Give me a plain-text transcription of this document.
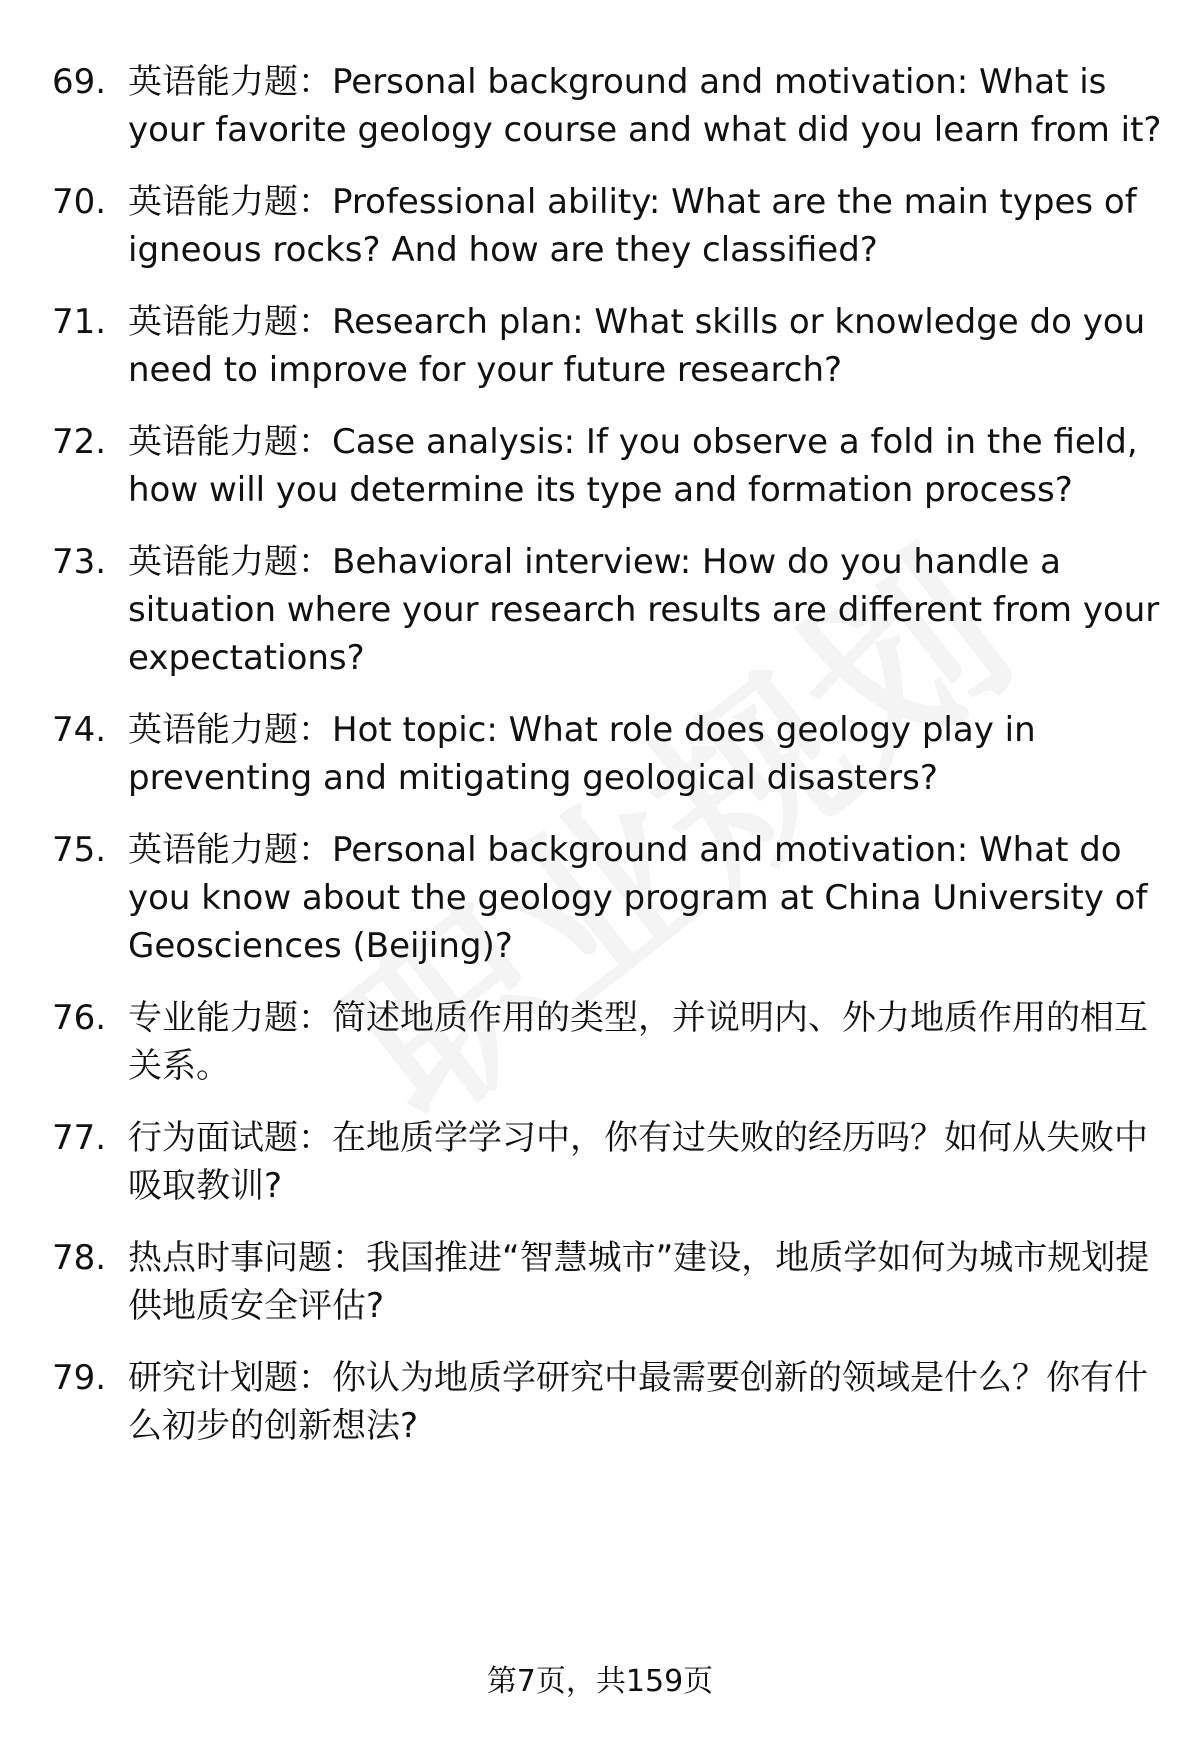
69. 英语能力题：Personal background and motivation: What is your favorite geology course and what did you learn from it?
70. 英语能力题：Professional ability: What are the main types of igneous rocks? And how are they classified?
71. 英语能力题：Research plan: What skills or knowledge do you need to improve for your future research?
72. 英语能力题：Case analysis: If you observe a fold in the field, how will you determine its type and formation process?
73. 英语能力题：Behavioral interview: How do you handle a situation where your research results are different from your expectations?
74. 英语能力题：Hot topic: What role does geology play in preventing and mitigating geological disasters?
75. 英语能力题：Personal background and motivation: What do you know about the geology program at China University of Geosciences (Beijing)?
76. 专业能力题：简述地质作用的类型，并说明内、外力地质作用的相互关系。
77. 行为面试题：在地质学学习中，你有过失败的经历吗？如何从失败中吸取教训?
78. 热点时事问题：我国推进“智慧城市”建设，地质学如何为城市规划提供地质安全评估?
79. 研究计划题：你认为地质学研究中最需要创新的领域是什么？你有什么初步的创新想法?
第7页，共159页
